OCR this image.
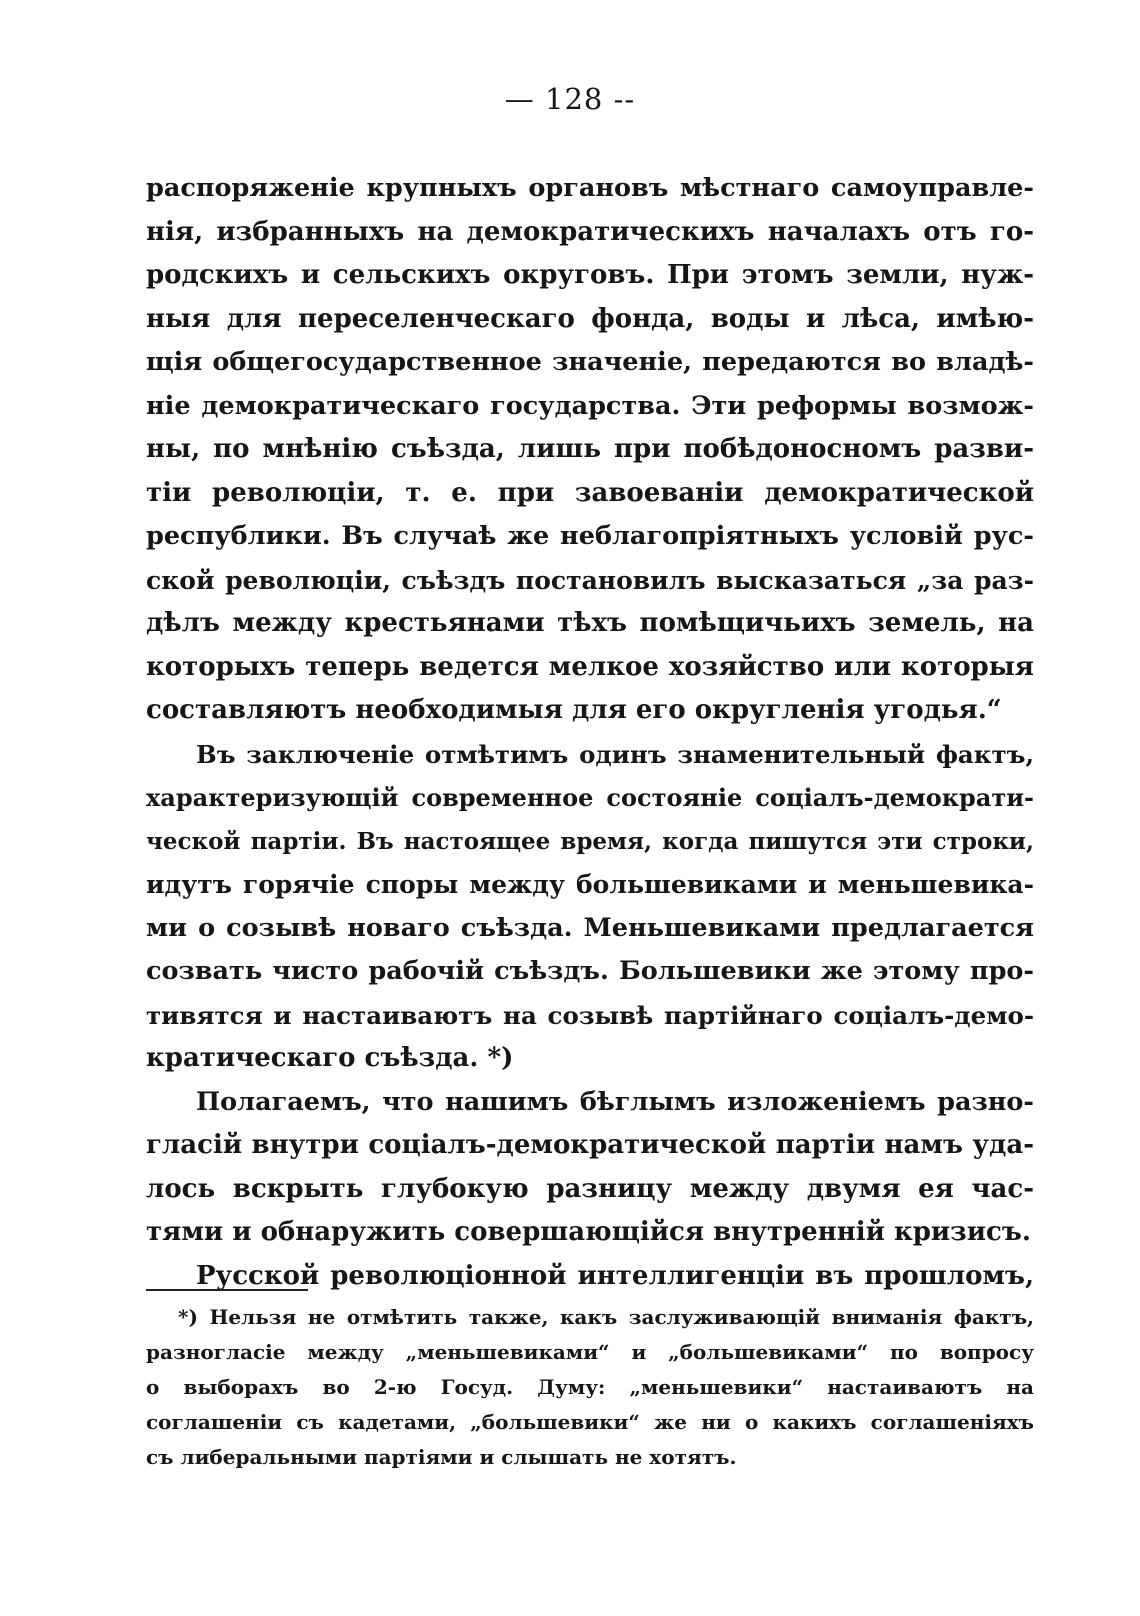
— 128 --
распоряженіе крупныхъ органовъ мѣстнаго самоуправле-
нія, избранныхъ на демократическихъ началахъ отъ го-
родскихъ и сельскихъ округовъ. При этомъ земли, нуж-
ныя для переселенческаго фонда, воды и лѣса, имѣю-
щія общегосударственное значеніе, передаются во владѣ-
ніе демократическаго государства. Эти реформы возмож-
ны, по мнѣнію съѣзда, лишь при побѣдоносномъ разви-
тіи революціи, т. е. при завоеваніи демократической
республики. Въ случаѣ же неблагопріятныхъ условій рус-
ской революціи, съѣздъ постановилъ высказаться „за раз-
дѣлъ между крестьянами тѣхъ помѣщичьихъ земель, на
которыхъ теперь ведется мелкое хозяйство или которыя
составляютъ необходимыя для его округленія угодья.“
Въ заключеніе отмѣтимъ одинъ знаменительный фактъ,
характеризующій современное состояніе соціалъ-демократи-
ческой партіи. Въ настоящее время, когда пишутся эти строки,
идутъ горячіе споры между большевиками и меньшевика-
ми о созывѣ новаго съѣзда. Меньшевиками предлагается
созвать чисто рабочій съѣздъ. Большевики же этому про-
тивятся и настаиваютъ на созывѣ партійнаго соціалъ-демо-
кратическаго съѣзда. *)
Полагаемъ, что нашимъ бѣглымъ изложеніемъ разно-
гласій внутри соціалъ-демократической партіи намъ уда-
лось вскрыть глубокую разницу между двумя ея час-
тями и обнаружить совершающійся внутренній кризисъ.
Русской революціонной интеллигенціи въ прошломъ,
*) Нельзя не отмѣтить также, какъ заслуживающій вниманія фактъ,
разногласіе между „меньшевиками“ и „большевиками“ по вопросу
о выборахъ во 2-ю Госуд. Думу: „меньшевики“ настаиваютъ на
соглашеніи съ кадетами, „большевики“ же ни о какихъ соглашеніяхъ
съ либеральными партіями и слышать не хотятъ.
